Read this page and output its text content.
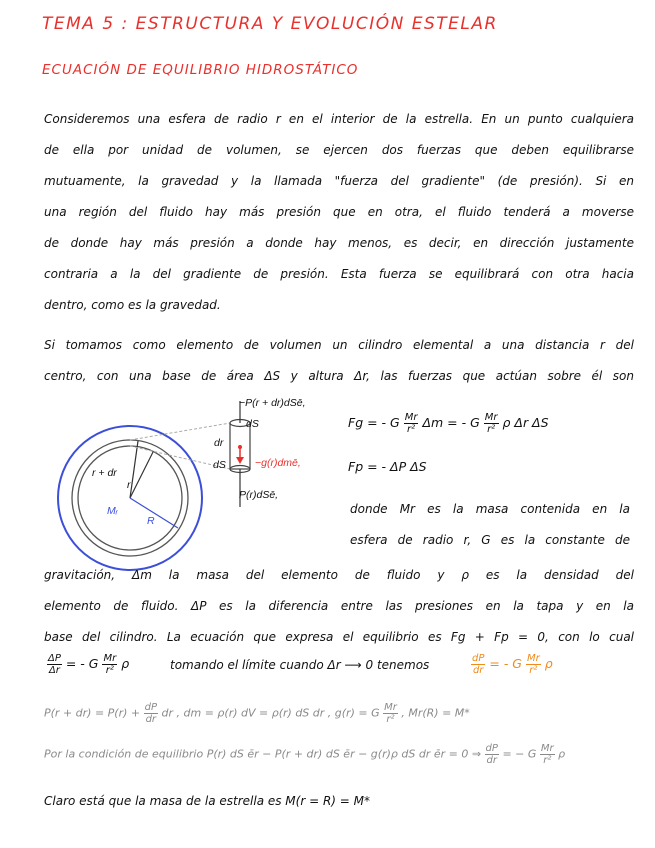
TEMA 5 : ESTRUCTURA Y EVOLUCIÓN ESTELAR
ECUACIÓN DE EQUILIBRIO HIDROSTÁTICO
Consideremos una esfera de radio r en el interior de la estrella. En un punto cualquiera
de ella por unidad de volumen, se ejercen dos fuerzas que deben equilibrarse
mutuamente, la gravedad y la llamada "fuerza del gradiente" (de presión). Si en
una región del fluido hay más presión que en otra, el fluido tenderá a moverse
de donde hay más presión a donde hay menos, es decir, en dirección justamente
contraria a la del gradiente de presión. Esta fuerza se equilibrará con otra hacia
dentro, como es la gravedad.
Si tomamos como elemento de volumen un cilindro elemental a una distancia r del
centro, con una base de área ΔS y altura Δr, las fuerzas que actúan sobre él son
−P(r + dr)dSē,
dS
dr
dS	−g(r)dmē,
P(r)dSē,
r + dr
r
Mᵣ
R
Fg = - G $\frac{Mr}{\text{r²}}$ Δm = - G $\frac{Mr}{\text{r²}}$ ρ Δr ΔS
Fp = - ΔP ΔS
donde Mr es la masa contenida en la
esfera de radio r, G es la constante de
gravitación, Δm la masa del elemento de fluido y ρ es la densidad del
elemento de fluido. ΔP es la diferencia entre las presiones en la tapa y en la
base del cilindro. La ecuación que expresa el equilibrio es Fg + Fp = 0, con lo cual
$\frac{\Delta P}{\Delta r}$ = - G $\frac{Mr}{\text{r²}}$ ρ	tomando el límite cuando Δr ⟶ 0 tenemos	$\frac{dP}{dr}$ = - G $\frac{Mr}{\text{r²}}$ ρ
$P(r + dr) = P(r) + \frac{dP}{dr}$ dr , dm = ρ(r) dV = ρ(r) dS dr , g(r) = G $\frac{Mr}{\text{r²}}$ , Mr(R) = M*
Por la condición de equilibrio P(r) dS ēr − P(r + dr) dS ēr − g(r)ρ dS dr ēr = 0 ⇒ $\frac{dP}{dr}$ = − G $\frac{Mr}{\text{r²}}$ ρ
Claro está que la masa de la estrella es M(r = R) = M*
